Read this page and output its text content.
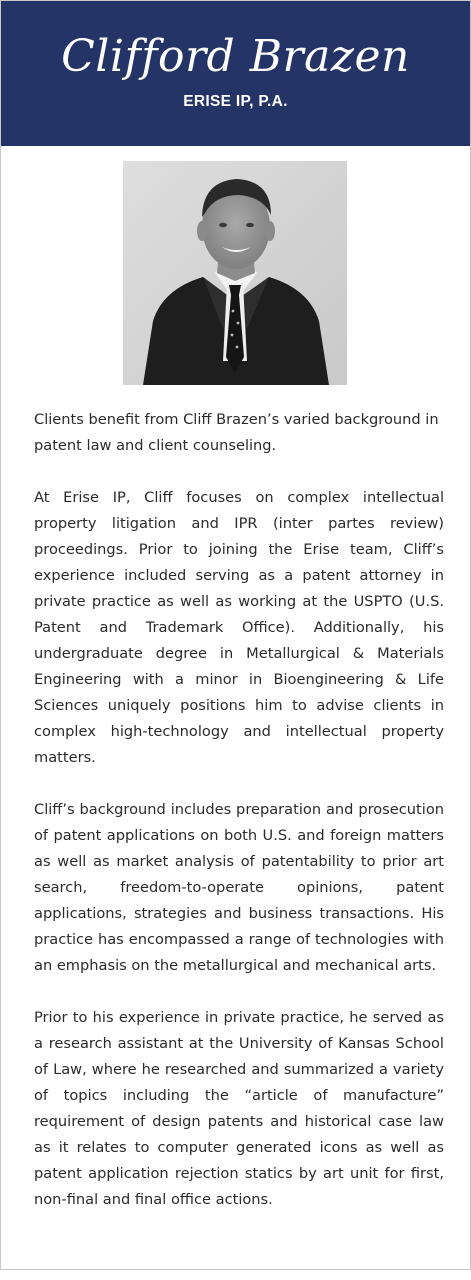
Clifford Brazen
ERISE IP, P.A.

Clients benefit from Cliff Brazen’s varied background in patent law and client counseling.

At Erise IP, Cliff focuses on complex intellectual property litigation and IPR (inter partes review) proceedings. Prior to joining the Erise team, Cliff’s experience included serving as a patent attorney in private practice as well as working at the USPTO (U.S. Patent and Trademark Office). Additionally, his undergraduate degree in Metallurgical & Materials Engineering with a minor in Bioengineering & Life Sciences uniquely positions him to advise clients in complex high-technology and intellectual property matters.

Cliff’s background includes preparation and prosecution of patent applications on both U.S. and foreign matters as well as market analysis of patentability to prior art search, freedom-to-operate opinions, patent applications, strategies and business transactions. His practice has encompassed a range of technologies with an emphasis on the metallurgical and mechanical arts.

Prior to his experience in private practice, he served as a research assistant at the University of Kansas School of Law, where he researched and summarized a variety of topics including the “article of manufacture” requirement of design patents and historical case law as it relates to computer generated icons as well as patent application rejection statics by art unit for first, non-final and final office actions.
